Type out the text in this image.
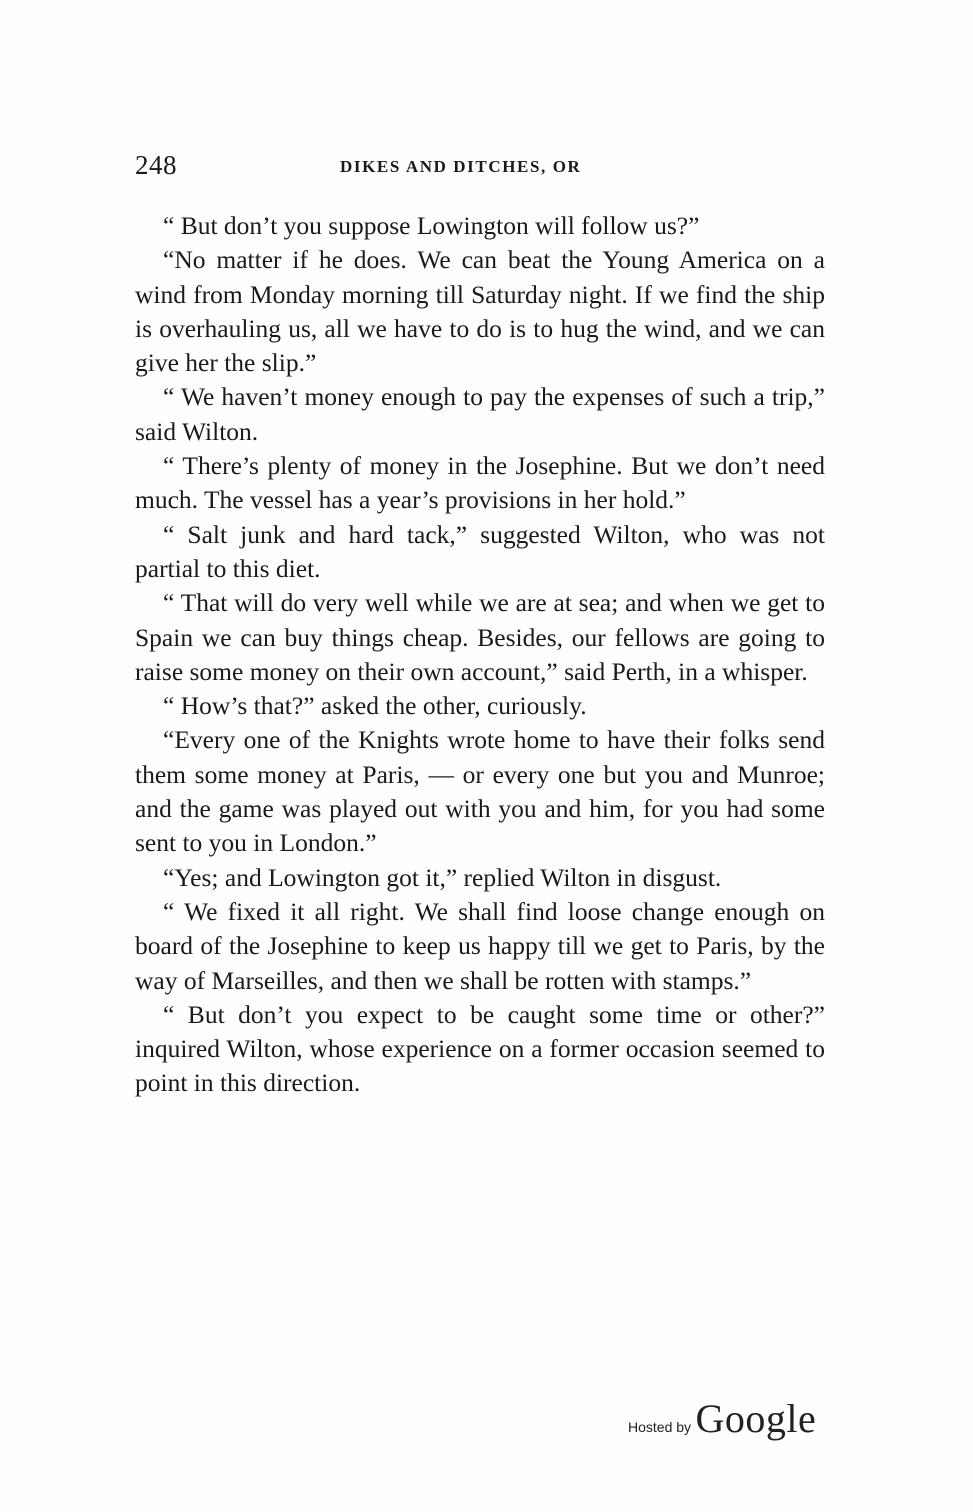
248	DIKES AND DITCHES, OR

“ But don’t you suppose Lowington will follow us?”

“No matter if he does. We can beat the Young America on a wind from Monday morning till Saturday night. If we find the ship is overhauling us, all we have to do is to hug the wind, and we can give her the slip.”

“ We haven’t money enough to pay the expenses of such a trip,” said Wilton.

“ There’s plenty of money in the Josephine. But we don’t need much. The vessel has a year’s provisions in her hold.”

“ Salt junk and hard tack,” suggested Wilton, who was not partial to this diet.

“ That will do very well while we are at sea; and when we get to Spain we can buy things cheap. Besides, our fellows are going to raise some money on their own account,” said Perth, in a whisper.

“ How’s that?” asked the other, curiously.

“Every one of the Knights wrote home to have their folks send them some money at Paris, — or every one but you and Munroe; and the game was played out with you and him, for you had some sent to you in London.”

“Yes; and Lowington got it,” replied Wilton in disgust.

“ We fixed it all right. We shall find loose change enough on board of the Josephine to keep us happy till we get to Paris, by the way of Marseilles, and then we shall be rotten with stamps.”

“ But don’t you expect to be caught some time or other?” inquired Wilton, whose experience on a former occasion seemed to point in this direction.

Hosted by Google
